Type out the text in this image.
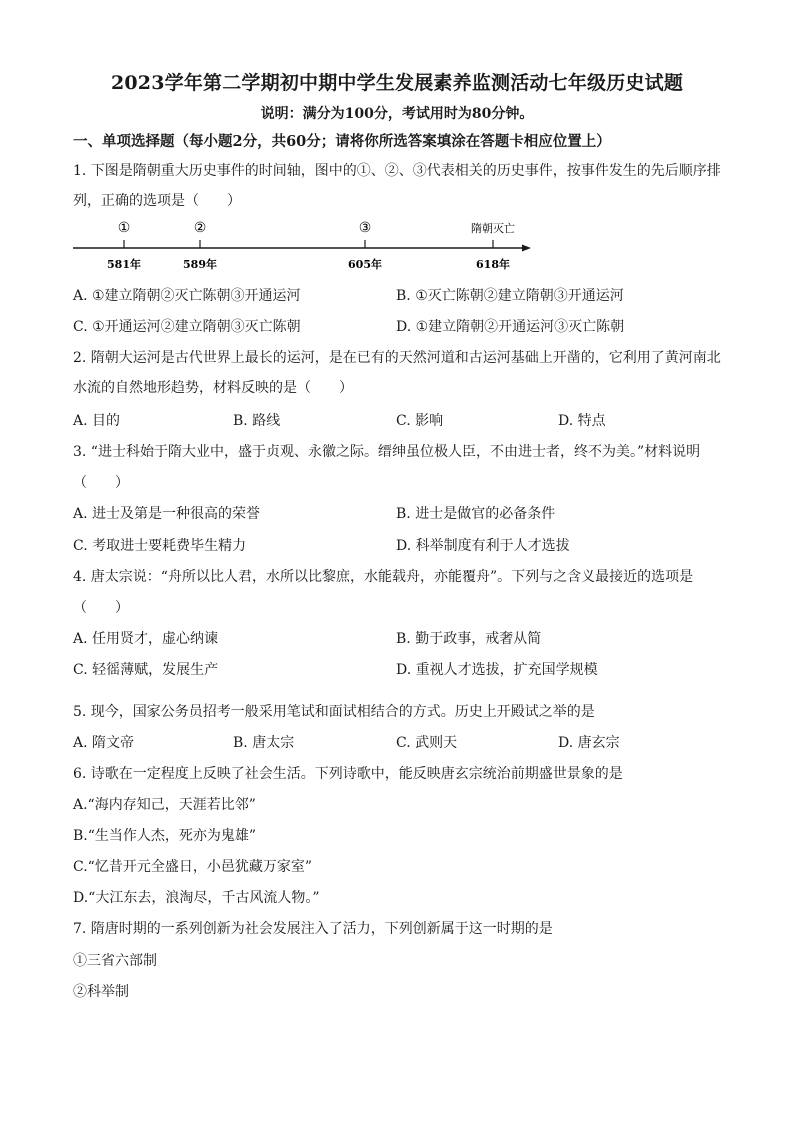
2023学年第二学期初中期中学生发展素养监测活动七年级历史试题
说明：满分为100分，考试用时为80分钟。
一、单项选择题（每小题2分，共60分；请将你所选答案填涂在答题卡相应位置上）
1. 下图是隋朝重大历史事件的时间轴，图中的①、②、③代表相关的历史事件，按事件发生的先后顺序排
列，正确的选项是（　　）
①	②	③	隋朝灭亡
581年	589年	605年	618年
A. ①建立隋朝②灭亡陈朝③开通运河	B. ①灭亡陈朝②建立隋朝③开通运河
C. ①开通运河②建立隋朝③灭亡陈朝	D. ①建立隋朝②开通运河③灭亡陈朝
2. 隋朝大运河是古代世界上最长的运河，是在已有的天然河道和古运河基础上开凿的，它利用了黄河南北
水流的自然地形趋势，材料反映的是（　　）
A. 目的	B. 路线	C. 影响	D. 特点
3. “进士科始于隋大业中，盛于贞观、永徽之际。缙绅虽位极人臣，不由进士者，终不为美。”材料说明
（　　）
A. 进士及第是一种很高的荣誉	B. 进士是做官的必备条件
C. 考取进士要耗费毕生精力	D. 科举制度有利于人才选拔
4. 唐太宗说：“舟所以比人君，水所以比黎庶，水能载舟，亦能覆舟”。下列与之含义最接近的选项是
（　　）
A. 任用贤才，虚心纳谏	B. 勤于政事，戒奢从简
C. 轻徭薄赋，发展生产	D. 重视人才选拔，扩充国学规模
5. 现今，国家公务员招考一般采用笔试和面试相结合的方式。历史上开殿试之举的是
A. 隋文帝	B. 唐太宗	C. 武则天	D. 唐玄宗
6. 诗歌在一定程度上反映了社会生活。下列诗歌中，能反映唐玄宗统治前期盛世景象的是
A.“海内存知己，天涯若比邻”
B.“生当作人杰，死亦为鬼雄”
C.“忆昔开元全盛日，小邑犹藏万家室”
D.“大江东去，浪淘尽，千古风流人物。”
7. 隋唐时期的一系列创新为社会发展注入了活力，下列创新属于这一时期的是
①三省六部制
②科举制
